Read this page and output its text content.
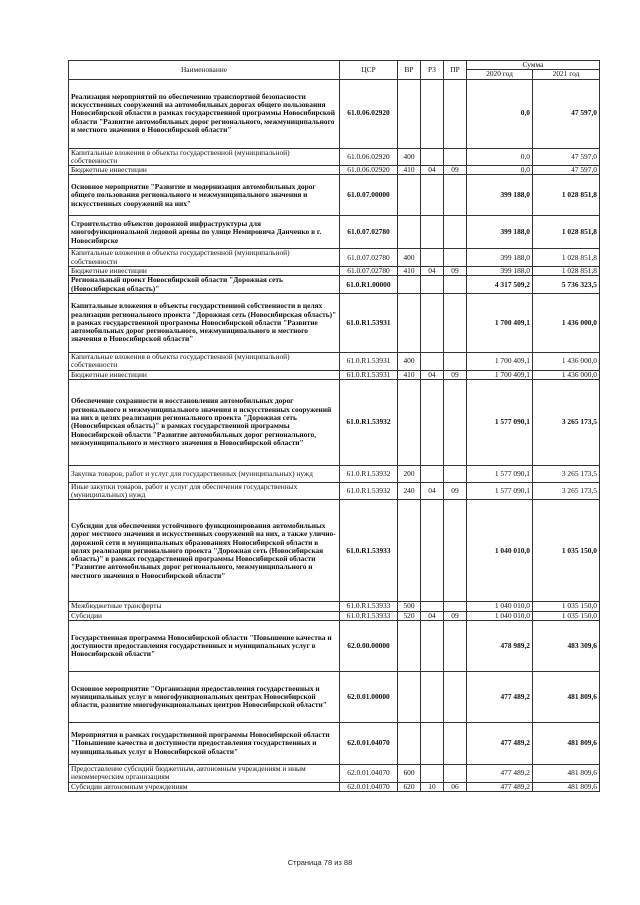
Наименование	ЦСР	ВР	РЗ	ПР	Сумма	
					2020 год	2021 год
Реализация мероприятий по обеспечению транспортной безопасности искусственных сооружений на автомобильных дорогах общего пользования Новосибирской области в рамках государственной программы Новосибирской области "Развитие автомобильных дорог регионального, межмуниципального и местного значения в Новосибирской области"	61.0.06.02920				0,0	47 597,0
Капитальные вложения в объекты государственной (муниципальной) собственности	61.0.06.02920	400			0,0	47 597,0
Бюджетные инвестиции	61.0.06.02920	410	04	09	0,0	47 597,0
Основное мероприятие "Развитие и модернизация автомобильных дорог общего пользования регионального и межмуниципального значения и искусственных сооружений на них"	61.0.07.00000				399 188,0	1 028 851,8
Строительство объектов дорожной инфраструктуры для многофункциональной ледовой арены по улице Немировича Данченко в г. Новосибирске	61.0.07.02780				399 188,0	1 028 851,8
Капитальные вложения в объекты государственной (муниципальной) собственности	61.0.07.02780	400			399 188,0	1 028 851,8
Бюджетные инвестиции	61.0.07.02780	410	04	09	399 188,0	1 028 851,8
Региональный проект Новосибирской области "Дорожная сеть (Новосибирская область)"	61.0.R1.00000				4 317 509,2	5 736 323,5
Капитальные вложения в объекты государственной собственности в целях реализации регионального проекта "Дорожная сеть (Новосибирская область)" в рамках государственной программы Новосибирской области "Развитие автомобильных дорог регионального, межмуниципального и местного значения в Новосибирской области"	61.0.R1.53931				1 700 409,1	1 436 000,0
Капитальные вложения в объекты государственной (муниципальной) собственности	61.0.R1.53931	400			1 700 409,1	1 436 000,0
Бюджетные инвестиции	61.0.R1.53931	410	04	09	1 700 409,1	1 436 000,0
Обеспечение сохранности и восстановления автомобильных дорог регионального и межмуниципального значения и искусственных сооружений на них в целях реализации регионального проекта "Дорожная сеть (Новосибирская область)" в рамках государственной программы Новосибирской области "Развитие автомобильных дорог регионального, межмуниципального и местного значения в Новосибирской области"	61.0.R1.53932				1 577 090,1	3 265 173,5
Закупка товаров, работ и услуг для государственных (муниципальных) нужд	61.0.R1.53932	200			1 577 090,1	3 265 173,5
Иные закупки товаров, работ и услуг для обеспечения государственных (муниципальных) нужд	61.0.R1.53932	240	04	09	1 577 090,1	3 265 173,5
Субсидии для обеспечения устойчивого функционирования автомобильных дорог местного значения и искусственных сооружений на них, а также улично-дорожной сети в муниципальных образованиях Новосибирской области в целях реализации регионального проекта "Дорожная сеть (Новосибирская область)" в рамках государственной программы Новосибирской области "Развитие автомобильных дорог регионального, межмуниципального и местного значения в Новосибирской области"	61.0.R1.53933				1 040 010,0	1 035 150,0
Межбюджетные трансферты	61.0.R1.53933	500			1 040 010,0	1 035 150,0
Субсидии	61.0.R1.53933	520	04	09	1 040 010,0	1 035 150,0
Государственная программа Новосибирской области "Повышение качества и доступности предоставления государственных и муниципальных услуг в Новосибирской области"	62.0.00.00000				478 989,2	483 309,6
Основное мероприятие "Организация предоставления государственных и муниципальных услуг в многофункциональных центрах Новосибирской области, развитие многофункциональных центров Новосибирской области"	62.0.01.00000				477 489,2	481 809,6
Мероприятия в рамках государственной программы Новосибирской области "Повышение качества и доступности предоставления государственных и муниципальных услуг в Новосибирской области"	62.0.01.04070				477 489,2	481 809,6
Предоставление субсидий бюджетным, автономным учреждениям и иным некоммерческим организациям	62.0.01.04070	600			477 489,2	481 809,6
Субсидии автономным учреждениям	62.0.01.04070	620	10	06	477 489,2	481 809,6
Страница 78 из 88
